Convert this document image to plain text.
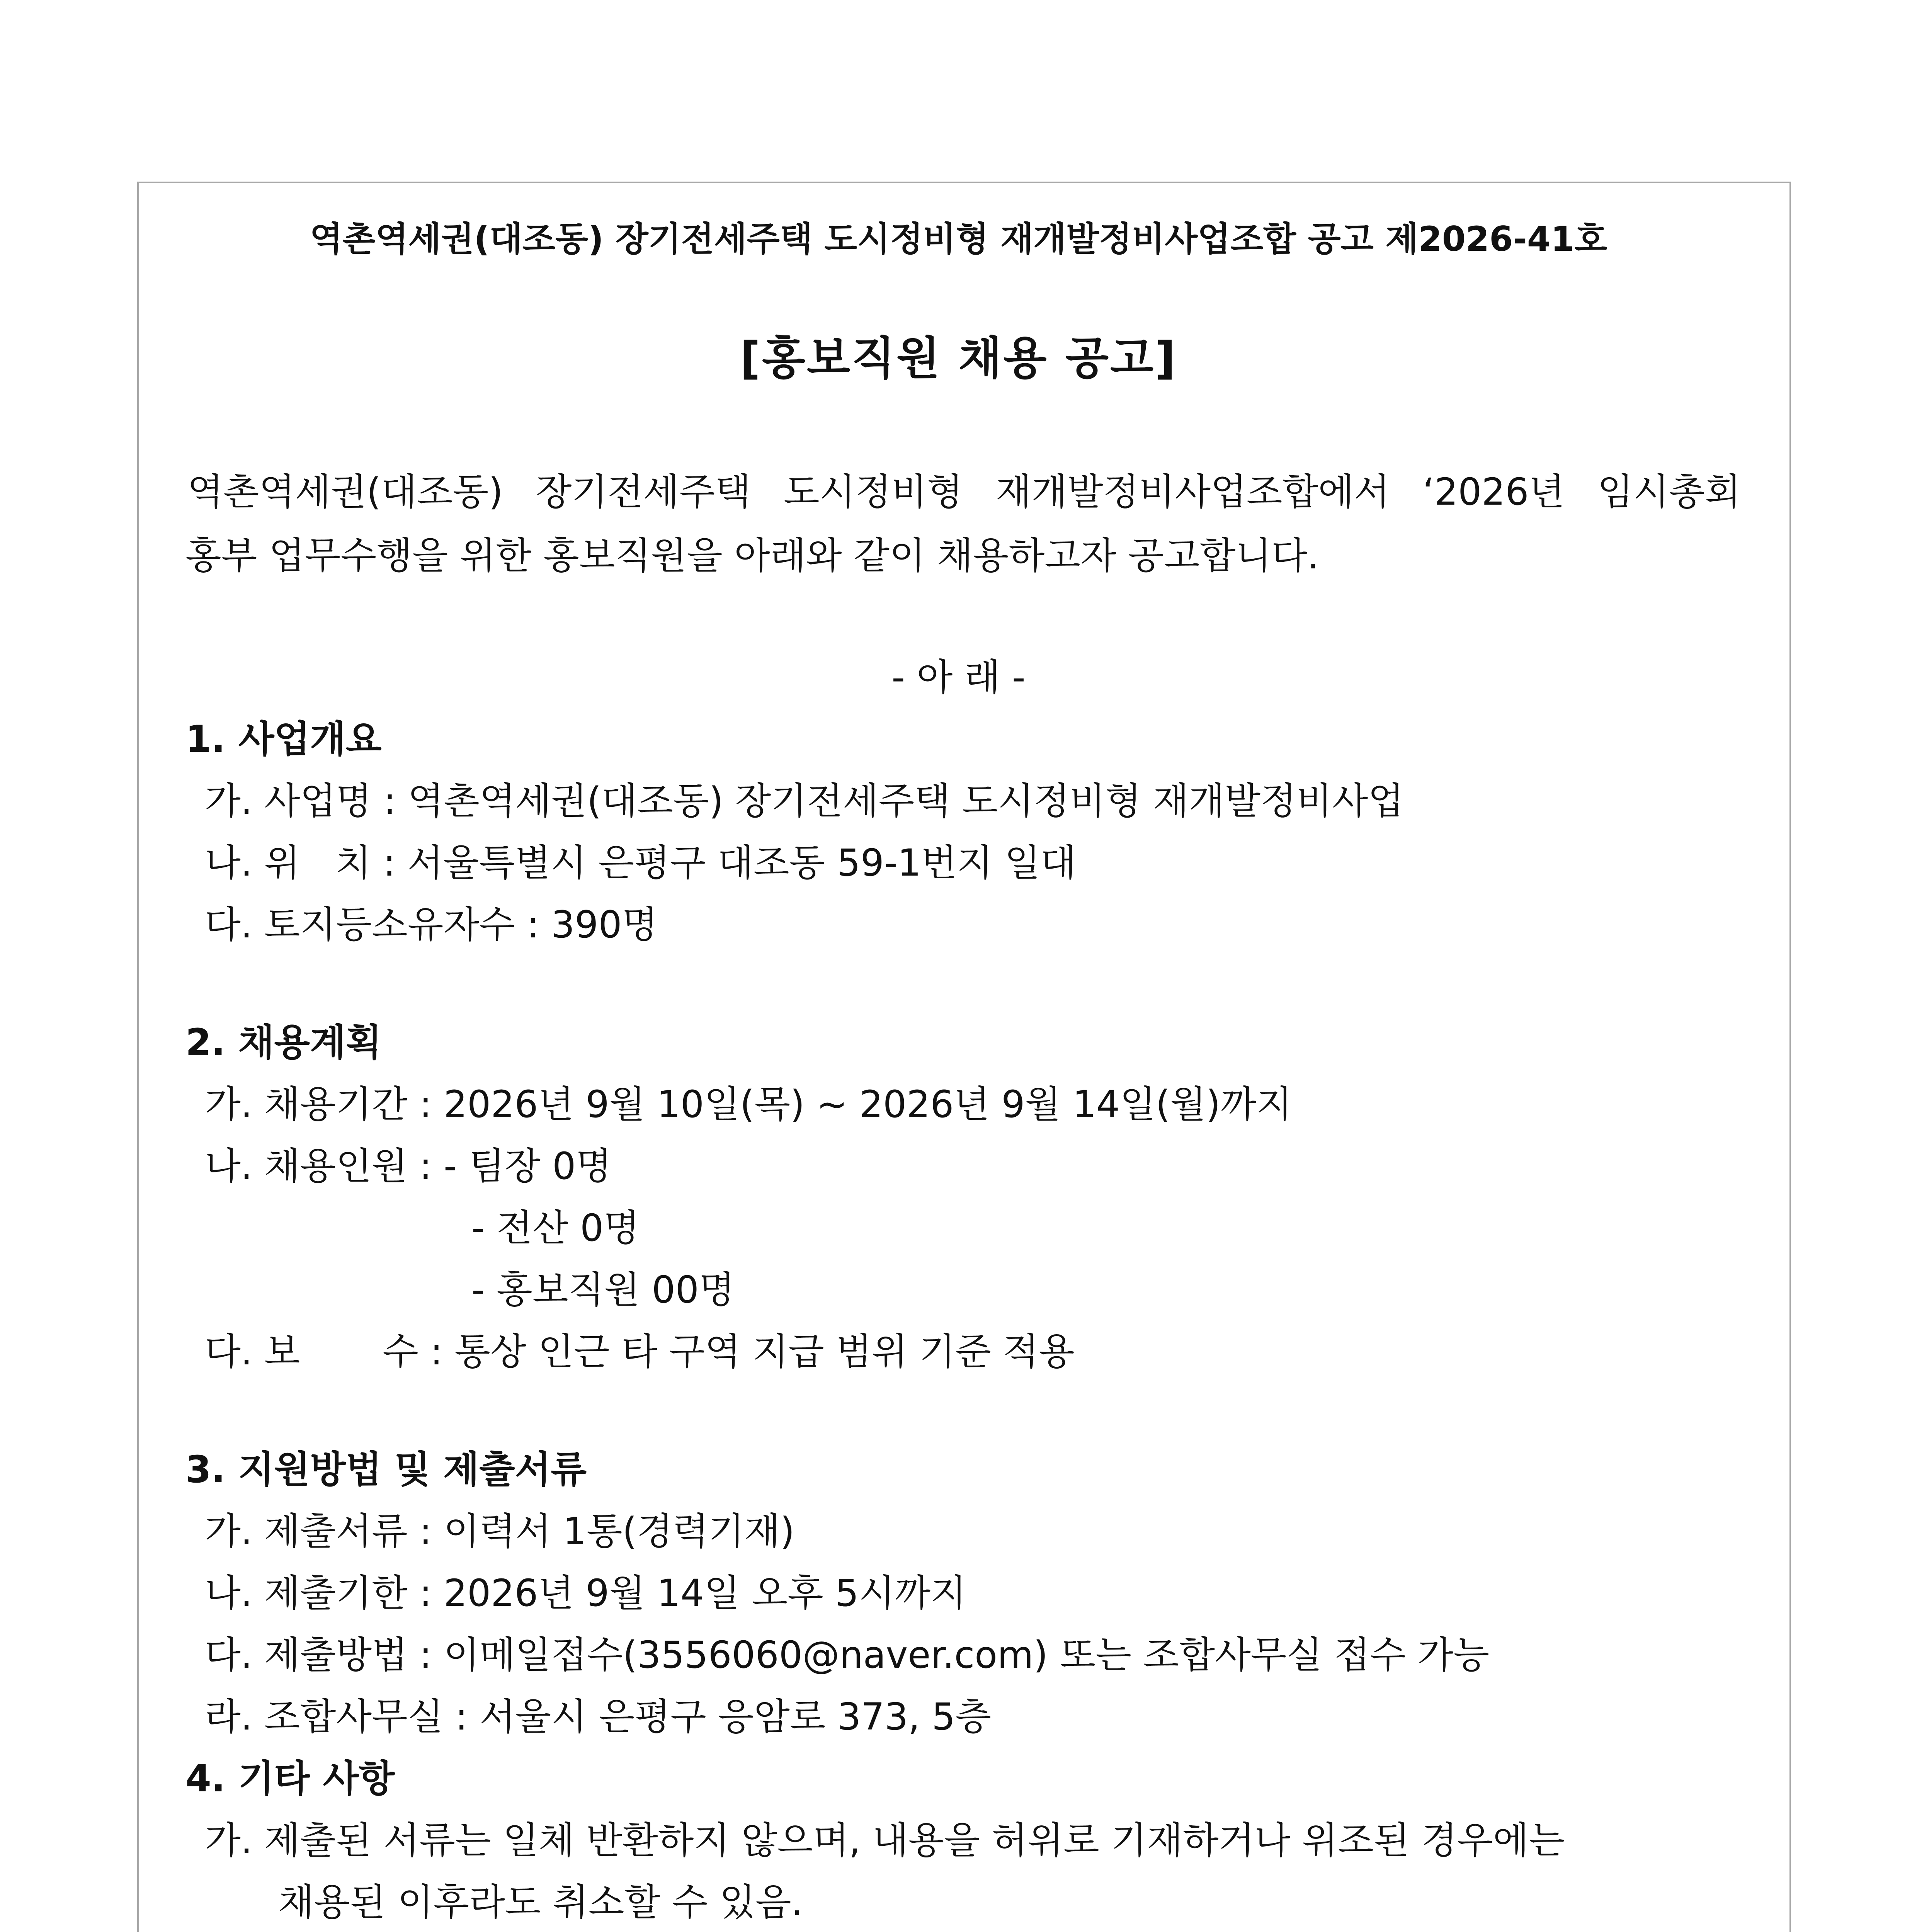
역촌역세권(대조동) 장기전세주택 도시정비형 재개발정비사업조합 공고 제2026-41호
[홍보직원 채용 공고]
역촌역세권(대조동) 장기전세주택 도시정비형 재개발정비사업조합에서 ‘2026년 임시총회
홍부 업무수행을 위한 홍보직원을 아래와 같이 채용하고자 공고합니다.
- 아 래 -
1. 사업개요
가. 사업명 : 역촌역세권(대조동) 장기전세주택 도시정비형 재개발정비사업
나. 위   치 : 서울특별시 은평구 대조동 59-1번지 일대
다. 토지등소유자수 : 390명
2. 채용계획
가. 채용기간 : 2026년 9월 10일(목) ~ 2026년 9월 14일(월)까지
나. 채용인원 : - 팀장 0명
- 전산 0명
- 홍보직원 00명
다. 보       수 : 통상 인근 타 구역 지급 범위 기준 적용
3. 지원방법 및 제출서류
가. 제출서류 : 이력서 1통(경력기재)
나. 제출기한 : 2026년 9월 14일 오후 5시까지
다. 제출방법 : 이메일접수(3556060@naver.com) 또는 조합사무실 접수 가능
라. 조합사무실 : 서울시 은평구 응암로 373, 5층
4. 기타 사항
가. 제출된 서류는 일체 반환하지 않으며, 내용을 허위로 기재하거나 위조된 경우에는
채용된 이후라도 취소할 수 있음.
